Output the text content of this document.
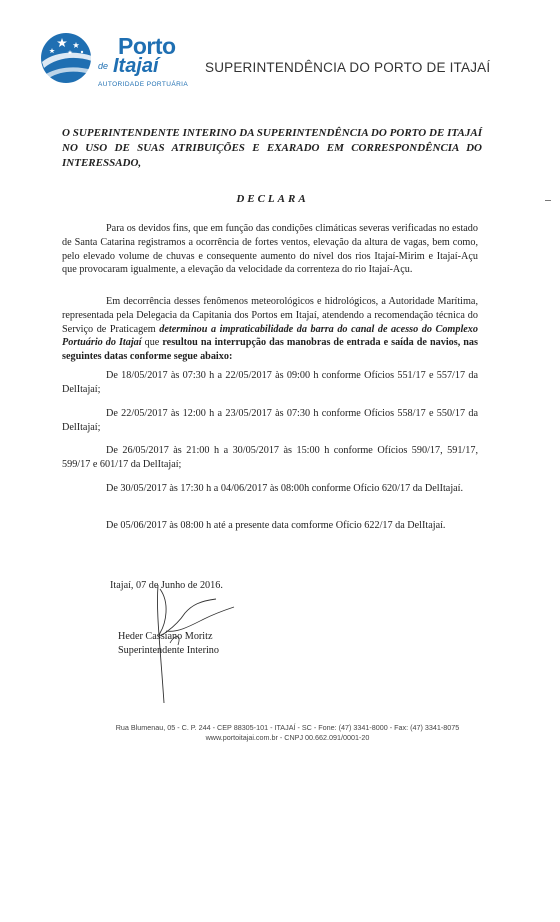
Porto
de Itajaí
AUTORIDADE PORTUÁRIA
SUPERINTENDÊNCIA DO PORTO DE ITAJAÍ
O SUPERINTENDENTE INTERINO DA SUPERINTENDÊNCIA DO PORTO DE ITAJAÍ NO USO DE SUAS ATRIBUIÇÕES E EXARADO EM CORRESPONDÊNCIA DO INTERESSADO,
DECLARA

Para os devidos fins, que em função das condições climáticas severas verificadas no estado de Santa Catarina registramos a ocorrência de fortes ventos, elevação da altura de vagas, bem como, pelo elevado volume de chuvas e consequente aumento do nível dos rios Itajaí-Mirim e Itajaí-Açu que provocaram igualmente, a elevação da velocidade da correnteza do rio Itajaí-Açu.

Em decorrência desses fenômenos meteorológicos e hidrológicos, a Autoridade Marítima, representada pela Delegacia da Capitania dos Portos em Itajaí, atendendo a recomendação técnica do Serviço de Praticagem determinou a impraticabilidade da barra do canal de acesso do Complexo Portuário do Itajaí que resultou na interrupção das manobras de entrada e saída de navios, nas seguintes datas conforme segue abaixo:

De 18/05/2017 às 07:30 h a 22/05/2017 às 09:00 h conforme Ofícios 551/17 e 557/17 da DelItajaí;

De 22/05/2017 às 12:00 h a 23/05/2017 às 07:30 h conforme Ofícios 558/17 e 550/17 da DelItajaí;

De 26/05/2017 às 21:00 h a 30/05/2017 às 15:00 h conforme Ofícios 590/17, 591/17, 599/17 e 601/17 da DelItajaí;

De 30/05/2017 às 17:30 h a 04/06/2017 às 08:00h conforme Ofício 620/17 da DelItajaí.

De 05/06/2017 às 08:00 h até a presente data comforme Ofício 622/17 da DelItajaí.

Itajaí, 07 de Junho de 2016.
Heder Cassiano Moritz
Superintendente Interino
Rua Blumenau, 05 - C. P. 244 - CEP 88305-101 - ITAJAÍ - SC - Fone: (47) 3341-8000 - Fax: (47) 3341-8075
www.portoitajai.com.br - CNPJ 00.662.091/0001-20
